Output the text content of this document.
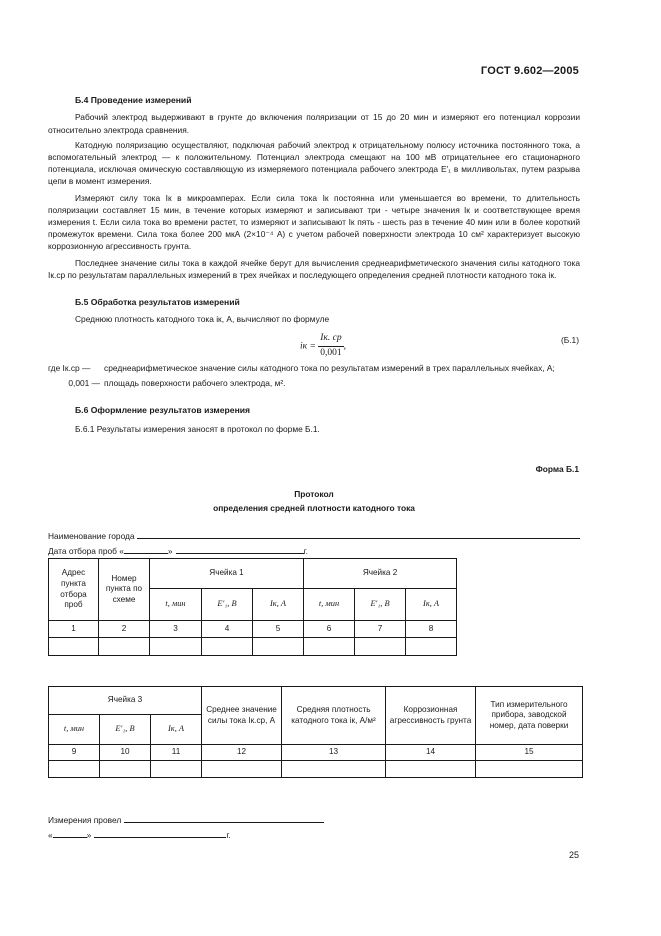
ГОСТ 9.602—2005
Б.4 Проведение измерений

Рабочий электрод выдерживают в грунте до включения поляризации от 15 до 20 мин и измеряют его потенциал коррозии относительно электрода сравнения.

Катодную поляризацию осуществляют, подключая рабочий электрод к отрицательному полюсу источника постоянного тока, а вспомогательный электрод — к положительному. Потенциал электрода смещают на 100 мВ отрицательнее его стационарного потенциала, исключая омическую составляющую из измеряемого потенциала рабочего электрода E′₁ в милливольтах, путем разрыва цепи в момент измерения.

Измеряют силу тока Iк в микроамперах. Если сила тока Iк постоянна или уменьшается во времени, то длительность поляризации составляет 15 мин, в течение которых измеряют и записывают три - четыре значения Iк и соответствующее время измерения t. Если сила тока во времени растет, то измеряют и записывают Iк пять - шесть раз в течение 40 мин или в более короткий промежуток времени. Сила тока более 200 мкА (2×10⁻⁴ А) с учетом рабочей поверхности электрода 10 см² характеризует высокую коррозионную агрессивность грунта.

Последнее значение силы тока в каждой ячейке берут для вычисления среднеарифметического значения силы катодного тока Iк.ср по результатам параллельных измерений в трех ячейках и последующего определения средней плотности катодного тока iк.

Б.5 Обработка результатов измерений

Среднюю плотность катодного тока iк, А, вычисляют по формуле

iк = $\frac{Iк. ср}{0,001}$ ,
(Б.1)
где Iк.ср —	среднеарифметическое значение силы катодного тока по результатам измерений в трех параллельных ячейках, А;
0,001 — площадь поверхности рабочего электрода, м².
Б.6 Оформление результатов измерения

Б.6.1 Результаты измерения заносят в протокол по форме Б.1.

Форма Б.1
Протокол
определения средней плотности катодного тока
Наименование города
Дата отбора проб «	»	г.
Адрес пункта отбора проб	Номер пункта по схеме	Ячейка 1			Ячейка 2		
		t, мин	E′₁, В	Iк, А	t, мин	E′₁, В	Iк, А
1	2	3	4	5	6	7	8

Ячейка 3			Среднее значение силы тока Iк.ср, А	Средняя плотность катодного тока iк, А/м²	Коррозионная агрессивность грунта	Тип измерительного прибора, заводской номер, дата поверки
t, мин	E′₁, В	Iк, А				
9	10	11	12	13	14	15

Измерения провел
«	»	г.
25
